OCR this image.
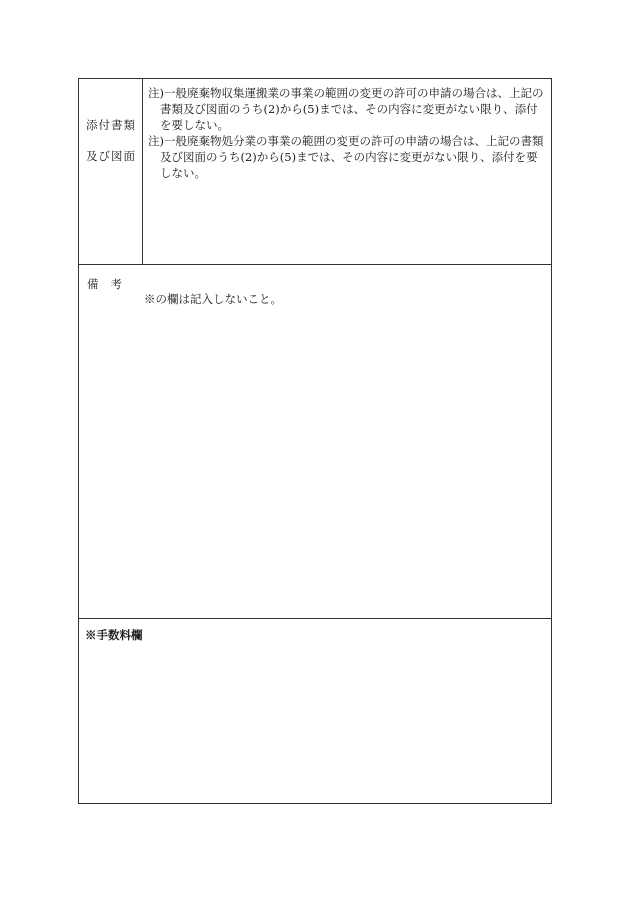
添付書類
及び図面

注)一般廃棄物収集運搬業の事業の範囲の変更の許可の申請の場合は、上記の書類及び図面のうち(2)から(5)までは、その内容に変更がない限り、添付を要しない。

注)一般廃棄物処分業の事業の範囲の変更の許可の申請の場合は、上記の書類及び図面のうち(2)から(5)までは、その内容に変更がない限り、添付を要しない。

備考
※の欄は記入しないこと。
※手数料欄
